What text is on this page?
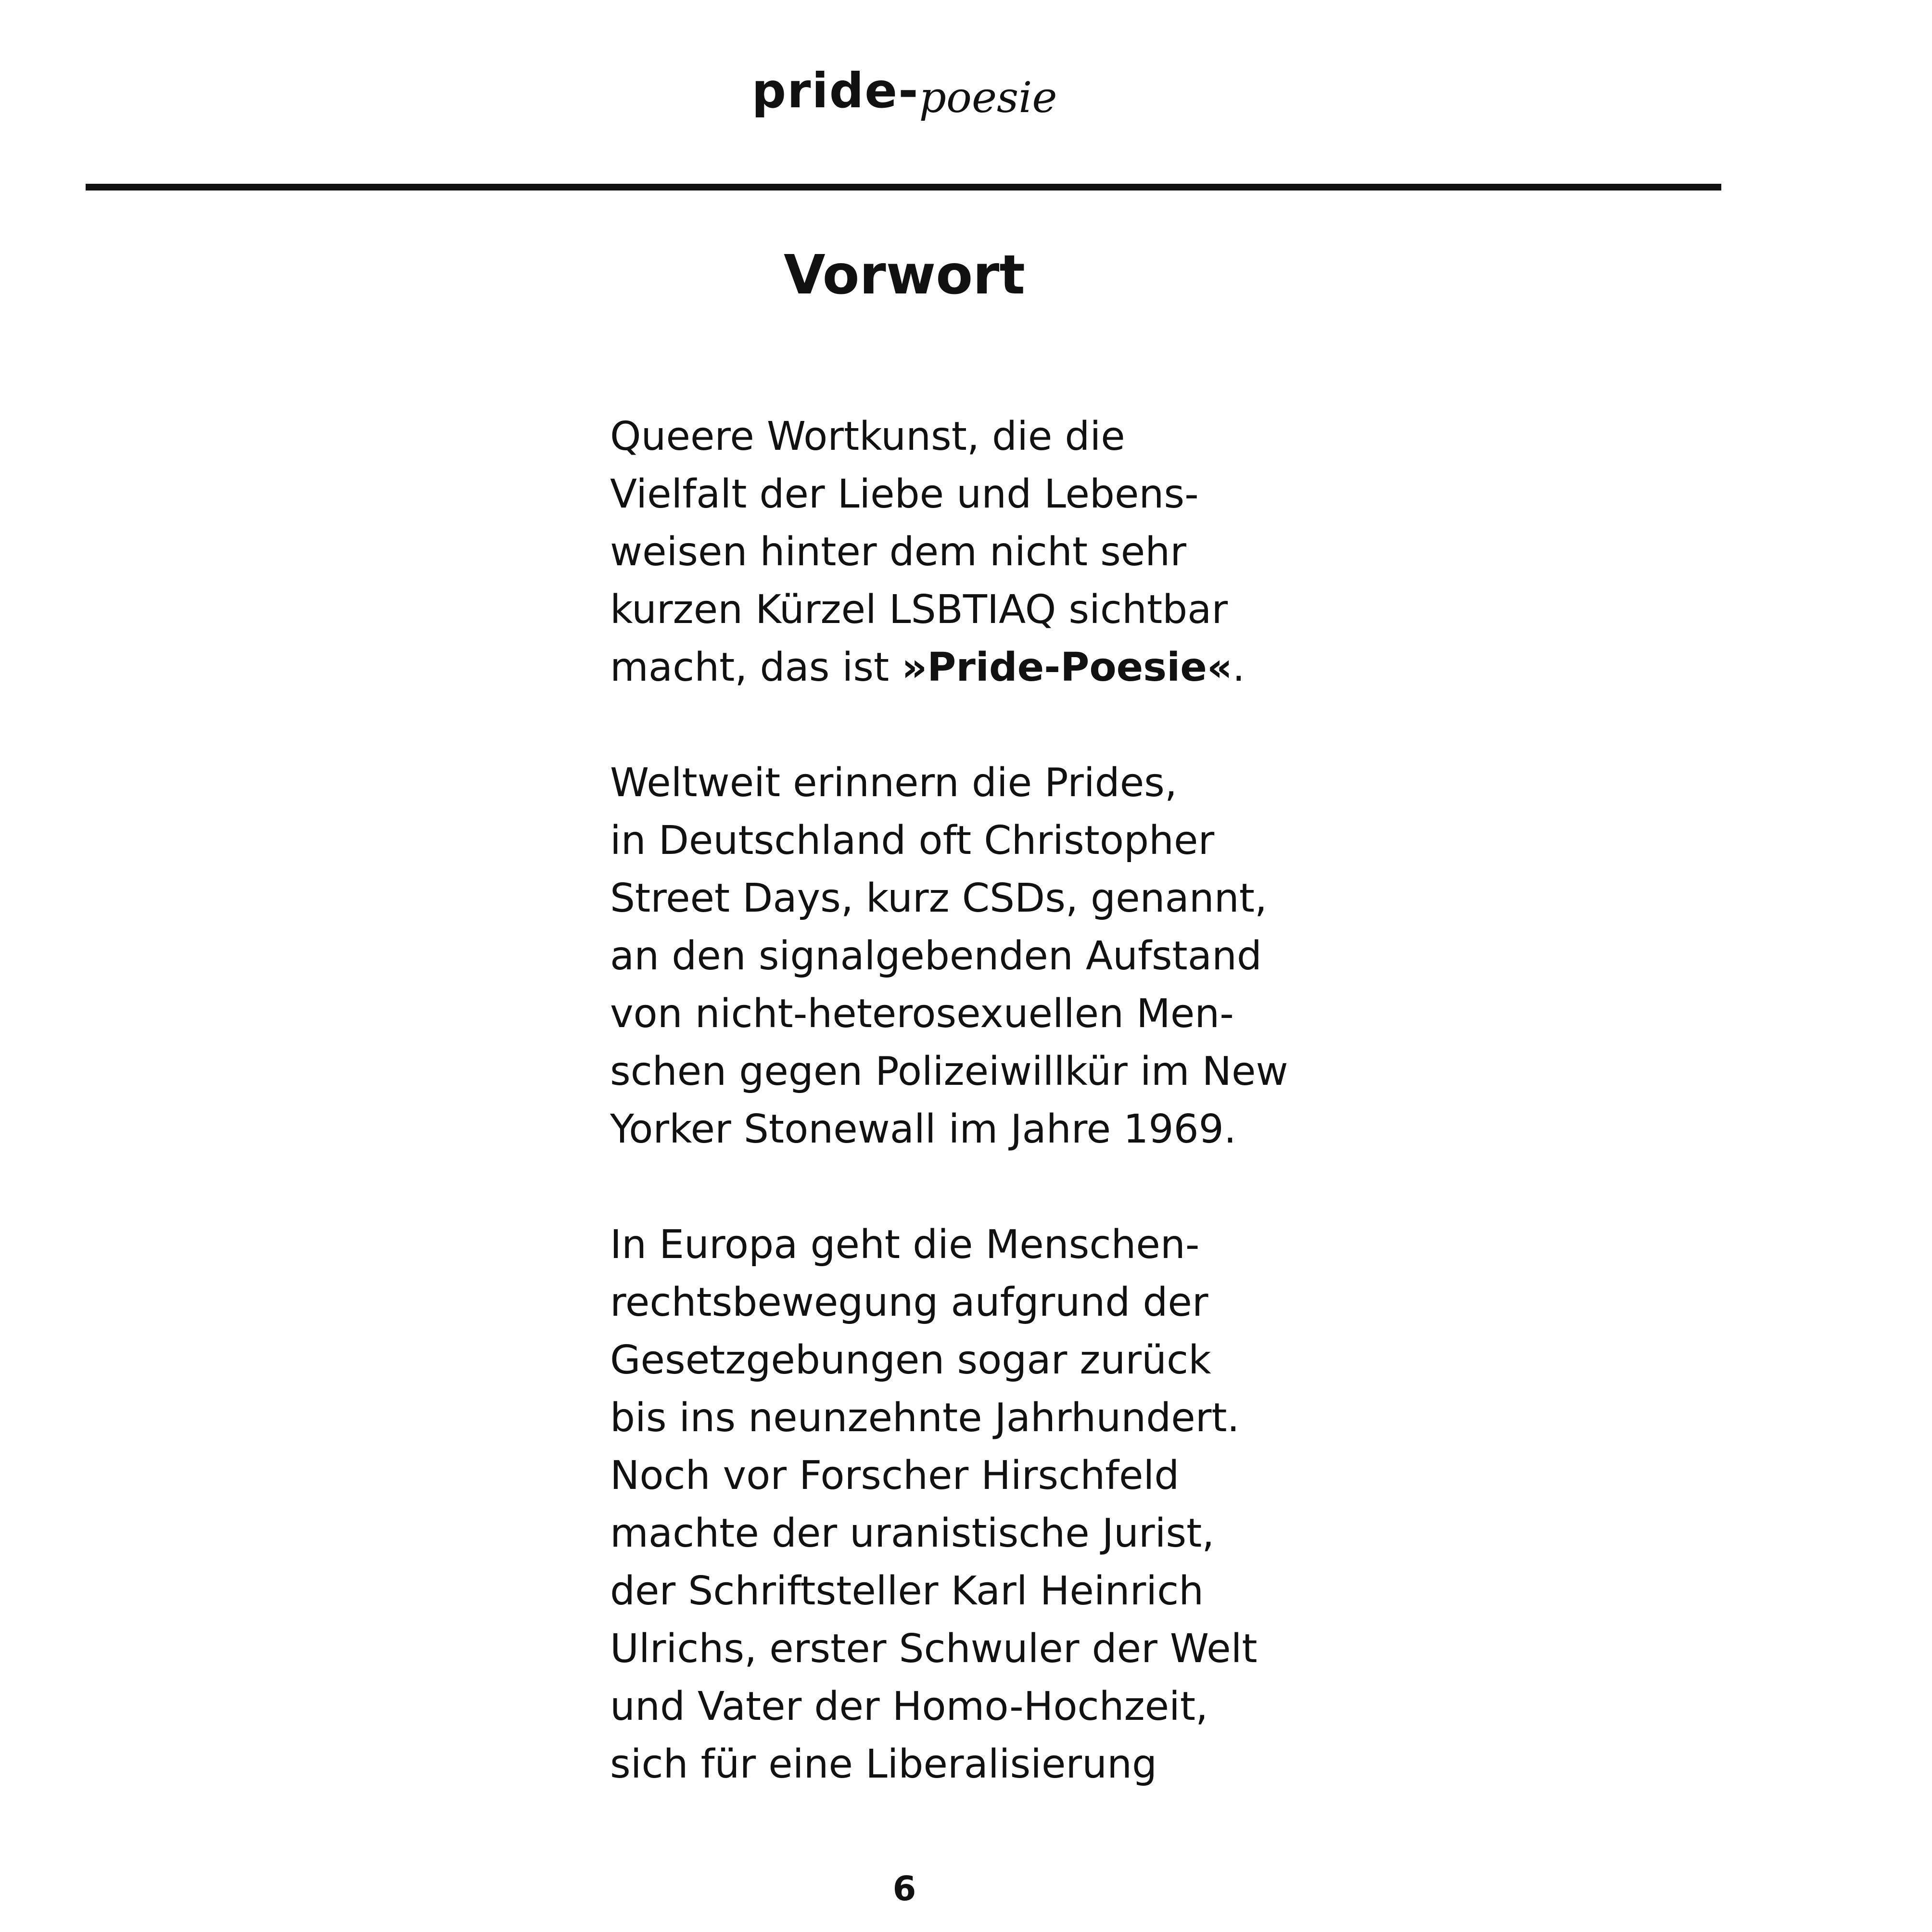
pride-poesie
Vorwort

Queere Wortkunst, die die
Vielfalt der Liebe und Lebens-
weisen hinter dem nicht sehr
kurzen Kürzel LSBTIAQ sichtbar
macht, das ist »Pride-Poesie«.

Weltweit erinnern die Prides,
in Deutschland oft Christopher
Street Days, kurz CSDs, genannt,
an den signalgebenden Aufstand
von nicht-heterosexuellen Men-
schen gegen Polizeiwillkür im New
Yorker Stonewall im Jahre 1969.

In Europa geht die Menschen-
rechtsbewegung aufgrund der
Gesetzgebungen sogar zurück
bis ins neunzehnte Jahrhundert.
Noch vor Forscher Hirschfeld
machte der uranistische Jurist,
der Schriftsteller Karl Heinrich
Ulrichs, erster Schwuler der Welt
und Vater der Homo-Hochzeit,
sich für eine Liberalisierung

6
